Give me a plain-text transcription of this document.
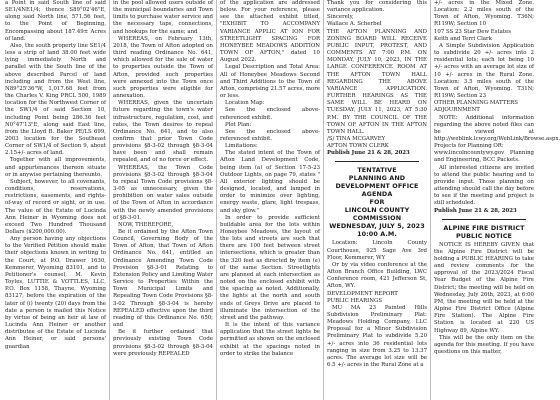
a Point in said South line of said SE1/4NE1/4; thence S89°02'46"E, along said North line, 571.56 feet, to the Point of Beginning, Encompassing about 187.49± Acres of land.

Also, the south property line SE1/4 less a strip of land 38.00 feet wide lying immediately North and parallel with the South line of the above described Parcel of land including and from the West line, N89°25'36"W, 1,017.68 feet from the Charles V. King PRCL 500, 1989 location for the Northwest Corner of the SW1/4 of said Section 10, including Point being 286.36 feet N0°47'13"E, along said East line, from the Lloyd B. Baker PE/LS 699, 2003 location for the Southeast Corner of SW1/4 of Section 9, about 2.15+/- acres of land.

Together with all improvements, and appurtenances thereon situate or in anywise pertaining thereunto.

Subject, however, to all covenants, conditions, reservations, restrictions, easements, and rights-of-way of record or sight, or in use. The value of the Estate of Lucinda Ann Heiner in Wyoming does not exceed Two Hundred Thousand Dollars ($200,000.00).

Any person having any objections to the Verified Petition should make their objections known in writing to the Court, at P.O. Drawer 1630, Kemmerer, Wyoming 83101, and to Petitioner's counsel, M. Kevin Toyles, LUTTIE & VOTTLES, LLC, P.O. Box 1158, Thayne, Wyoming 83127, before the expiration of the later of (i) twenty (20) days from the date a person is mailed this Notice by virtue of being an heir at law of Lucinda Ann Heiner or another distributee of the Estate of Lucinda Ann Heiner, or said persons' guardian

in the pool allowed users outside of the municipal boundaries and Town limits to purchase water service and the necessary taps, connections, and hookups for the same; and

WHEREAS, on February 13th, 2018, the Town of Afton adopted on third reading Ordinance No. 641, which allowed for the sale of water to properties outside the Town of Afton, provided such properties were annexed into the Town once such properties were eligible for annexation.

WHEREAS, given the uncertain future regarding the town's water infrastructure, regulation, cost, and rates, the Town desires to repeal Ordinance No. 641, and to also confirm that prior Town Code provisions §8-3-02 through §8-3-04 have been and shall remain repealed, and of no force or effect.

WHEREAS, the Town Code provisions §8-3-02 through §8-3-04 to repeal Town Code provisions §8-3-05 as unnecessary, given the prohibition on water sales outside of the Town of Afton in accordance with the newly amended provisions of §8-3-01.

NOW, THEREFORE,

Be it ordained by the Afton Town Council, Governing Body of the Town of Afton, that Town of Afton Ordinance No. 641, entitled an Ordinance Amending Town Code Provision §8-3-01 Relating to Extension Policy and Limiting Water Service to Properties Within the Town Municipal Limits and Repealing Town Code Provisions §8-3-02 Through §8-3-04 is hereby REPEALED effective upon the third reading of this Ordinance No. 650; and

Be it further ordained that previously existing Town Code provisions §8-3-02 through §8-3-04 were previously REPEALED

of the application are addressed below. For your reference, please see the attached exhibit titled, "EXHIBIT TO ACCOMPANY VARIANCE APPLIC AT ION FOR STREETLIGHT SPACING FOR HONEYBEE MEADOWS ADDITION TOWN OF AFTON," dated 10 August 2022.

Legal Description and Total Area: All of Honeybee Meadows Second and Third Additions to the Town of Afton, comprising 21.57 acres, more or less.

Location Map:

See the enclosed above-referenced exhibit.

Plot Plan:

See the enclosed above-referenced exhibit.

Limitations:

The stated intent of the Town of Afton Land Development Code, being item (a) of Section 17-5-23 Outdoor Lights, on page 79, states " All exterior lighting should be designed, located, and lamped in order to minimize over lighting, energy waste, glare, light trespass, and sky glow."

In order to provide sufficient buildable area for the lots within Honeybee Meadows, the layout of the lots and streets are such that there are 100 feet between street intersections, which is greater than the 320 feet as directed by item (e) of the same Section. Streetlights are planned at each intersection as noted on the enclosed exhibit with the spacing as noted. Additionally, the lights at the north and south ends of Greys Drive are placed to illuminate the intersection of the street and the pathway.

It is the intent of this variance application that the street lights be permitted as shown on the enclosed exhibit at the spacings noted in order to strike the balance

Thank you for considering this variance application.

Sincerely,

Wallace A. Scherbel

THE AFTON PLANNING AND ZONING BOARD WILL RECEIVE PUBLIC INPUT, PROTEST, AND COMMENTS AT 7:00 P.M. ON MONDAY, JULY 10, 2023, IN THE LARGE CONFERENCE ROOM AT THE AFTON TOWN HALL REGARDING THE ABOVE VARIANCE APPLICATION. FURTHER HEARINGS AS THE SAME WILL BE HEARD ON TUESDAY, JULY 11, 2023, AT 5:30 P.M. BY THE COUNCIL OF THE TOWN OF AFTON IN THE AFTON TOWN HALL.

/S/ TINA MCGARVEY
AFTON TOWN CLERK

Publish June 21 & 28, 2023

TENTATIVE
PLANNING AND
DEVELOPMENT OFFICE
AGENDA
FOR
LINCOLN COUNTY
COMMISSION
WEDNESDAY, JULY 5, 2023
10:00 A.M.

Location: Lincoln County Courthouse, 925 Sage Ave 3rd Floor, Kemmerer, WY

Or by via video conference at the Afton Branch Office Building, LWC Conference room, 421 Jefferson St, Afton, WY.

DEVELOPMENT REPORT
PUBLIC HEARINGS

MU MA 23 Painted Hills Subdivision Preliminary Plat: Meadows Holding Company, LLC Proposal for a Minor Subdivision Preliminary Plat to subdivide 5.20 +/- acres into 36 residential lots ranging in size from 3.25 to 13.37 acres. The average lot size will be 6.5 +/- acres in the Rural Zone at a

+/- acres in the Mixed Zone. Location: 2.2 miles south of the Town of Afton, Wyoming. T36N; R119W; Section 10

107 SS 23 Star Dew Estates

Keith and Terri Clark

A Simple Subdivision Application to subdivide 20 +/- acres into 2 residential lots; each lot being 10 +/- acres with an average lot size of 10 +/- acres in the Rural Zone. Location: 3.5 miles south of the Town of Afton, Wyoming. T31N; R119W; Section 23

OTHER PLANNING MATTERS
ADJOURNMENT

NOTE: Additional information regarding the above noted files can be viewed at http://weblink.lcwy.org/WebLink/Browse.aspx. Projects for Planning OR:

www.lincolncountywy.gov Planning and Engineering, BCC Packets.

All interested citizens are invited to attend the public hearing and to provide input. Those planning on attending should call the day before to see if the meeting and project is still scheduled.

Publish June 21 & 28, 2023

ALPINE FIRE DISTRICT
PUBLIC NOTICE

NOTICE IS HEREBY GIVEN that the Alpine Fire District will be holding a PUBLIC HEARING to take and review comments for the approval of the 2023/2024 Fiscal Year Budget of the Alpine Fire District; the meeting will be held on Wednesday, July 26th, 2023, at 6:00 PM, the meeting will be held at the Alpine Fire District Office (Alpine Fire Station). The Alpine Fire Station is located at 220 US Highway 89, Alpine WY.

This will be the only item on the agenda for this meeting. If you have questions on this matter,
